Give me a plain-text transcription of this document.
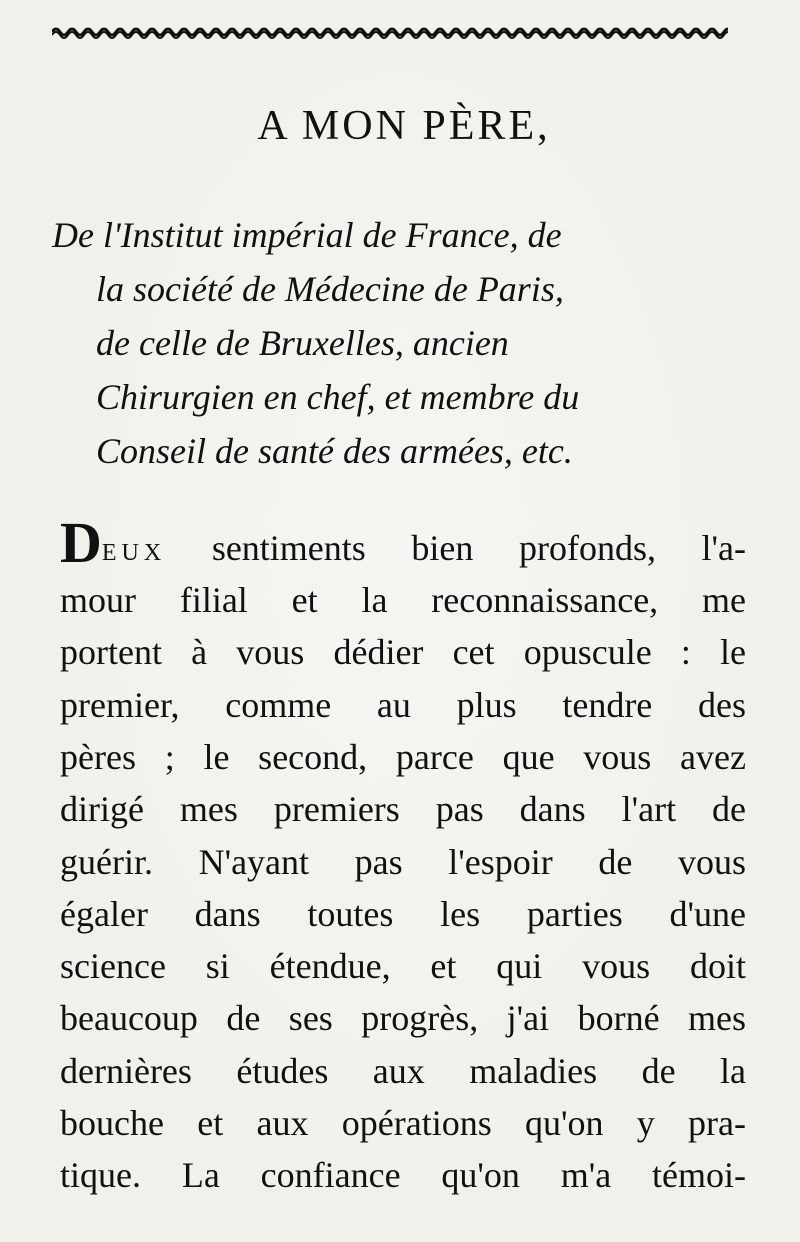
A MON PÈRE,
De l'Institut impérial de France, de
la société de Médecine de Paris,
de celle de Bruxelles, ancien
Chirurgien en chef, et membre du
Conseil de santé des armées, etc.
DEUX sentiments bien profonds, l'a-
mour filial et la reconnaissance, me
portent à vous dédier cet opuscule : le
premier, comme au plus tendre des
pères ; le second, parce que vous avez
dirigé mes premiers pas dans l'art de
guérir. N'ayant pas l'espoir de vous
égaler dans toutes les parties d'une
science si étendue, et qui vous doit
beaucoup de ses progrès, j'ai borné mes
dernières études aux maladies de la
bouche et aux opérations qu'on y pra-
tique. La confiance qu'on m'a témoi-
